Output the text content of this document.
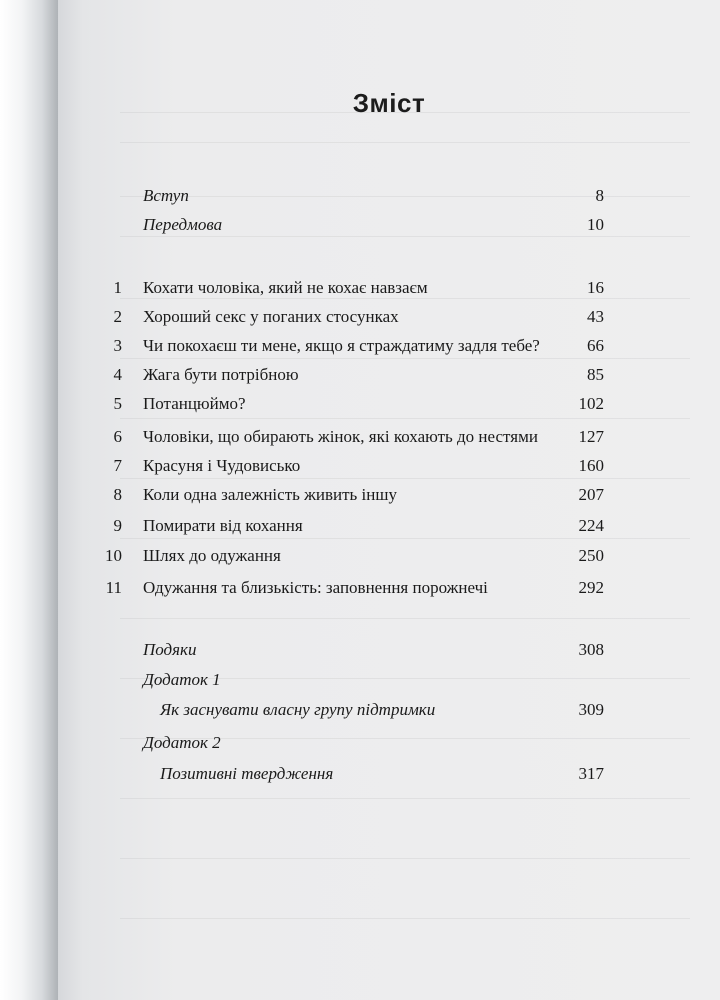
Зміст
Вступ	8
Передмова	10
1 Кохати чоловіка, який не кохає навзаєм	16
2 Хороший секс у поганих стосунках	43
3 Чи покохаєш ти мене, якщо я страждатиму задля тебе?	66
4 Жага бути потрібною	85
5 Потанцюймо?	102
6 Чоловіки, що обирають жінок, які кохають до нестями 127
7 Красуня і Чудовисько	160
8 Коли одна залежність живить іншу	207
9 Помирати від кохання	224
10 Шлях до одужання	250
11 Одужання та близькість: заповнення порожнечі	292
Подяки	308
Додаток 1
Як заснувати власну групу підтримки	309
Додаток 2
Позитивні твердження	317
